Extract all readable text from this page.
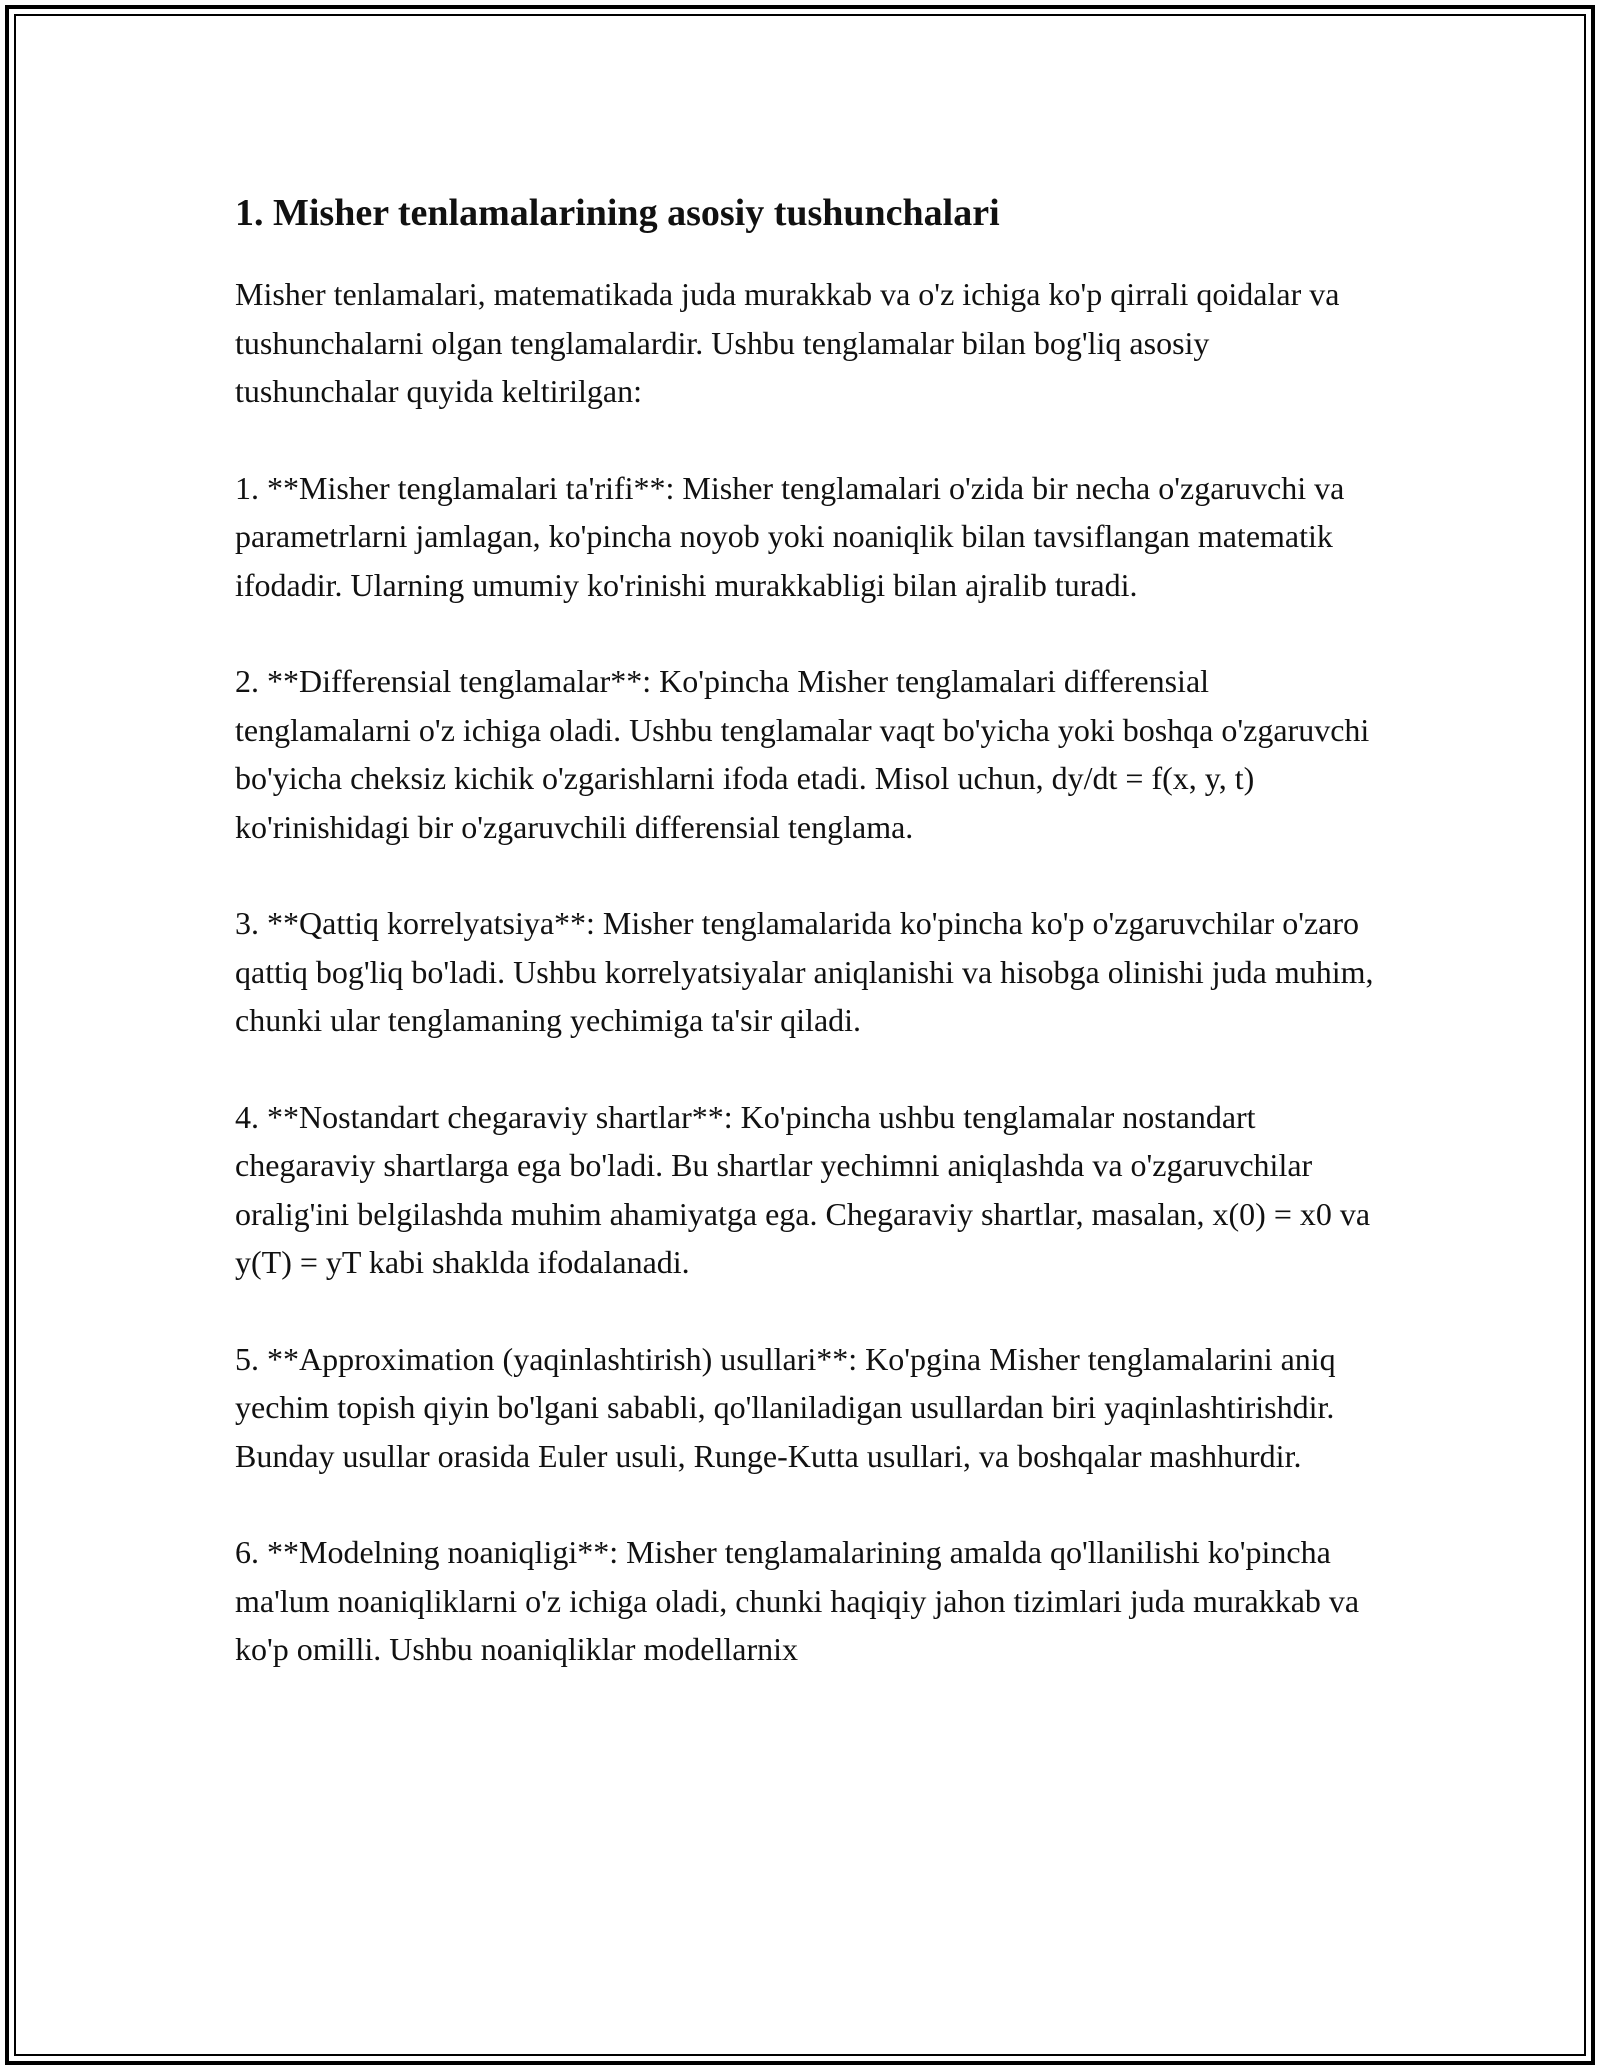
1. Misher tenlamalarining asosiy tushunchalari

Misher tenlamalari, matematikada juda murakkab va o'z ichiga ko'p qirrali qoidalar va tushunchalarni olgan tenglamalardir. Ushbu tenglamalar bilan bog'liq asosiy tushunchalar quyida keltirilgan:

1. **Misher tenglamalari ta'rifi**: Misher tenglamalari o'zida bir necha o'zgaruvchi va parametrlarni jamlagan, ko'pincha noyob yoki noaniqlik bilan tavsiflangan matematik ifodadir. Ularning umumiy ko'rinishi murakkabligi bilan ajralib turadi.

2. **Differensial tenglamalar**: Ko'pincha Misher tenglamalari differensial tenglamalarni o'z ichiga oladi. Ushbu tenglamalar vaqt bo'yicha yoki boshqa o'zgaruvchi bo'yicha cheksiz kichik o'zgarishlarni ifoda etadi. Misol uchun, dy/dt = f(x, y, t) ko'rinishidagi bir o'zgaruvchili differensial tenglama.

3. **Qattiq korrelyatsiya**: Misher tenglamalarida ko'pincha ko'p o'zgaruvchilar o'zaro qattiq bog'liq bo'ladi. Ushbu korrelyatsiyalar aniqlanishi va hisobga olinishi juda muhim, chunki ular tenglamaning yechimiga ta'sir qiladi.

4. **Nostandart chegaraviy shartlar**: Ko'pincha ushbu tenglamalar nostandart chegaraviy shartlarga ega bo'ladi. Bu shartlar yechimni aniqlashda va o'zgaruvchilar oralig'ini belgilashda muhim ahamiyatga ega. Chegaraviy shartlar, masalan, x(0) = x0 va y(T) = yT kabi shaklda ifodalanadi.

5. **Approximation (yaqinlashtirish) usullari**: Ko'pgina Misher tenglamalarini aniq yechim topish qiyin bo'lgani sababli, qo'llaniladigan usullardan biri yaqinlashtirishdir. Bunday usullar orasida Euler usuli, Runge-Kutta usullari, va boshqalar mashhurdir.

6. **Modelning noaniqligi**: Misher tenglamalarining amalda qo'llanilishi ko'pincha ma'lum noaniqliklarni o'z ichiga oladi, chunki haqiqiy jahon tizimlari juda murakkab va ko'p omilli. Ushbu noaniqliklar modellarnix
